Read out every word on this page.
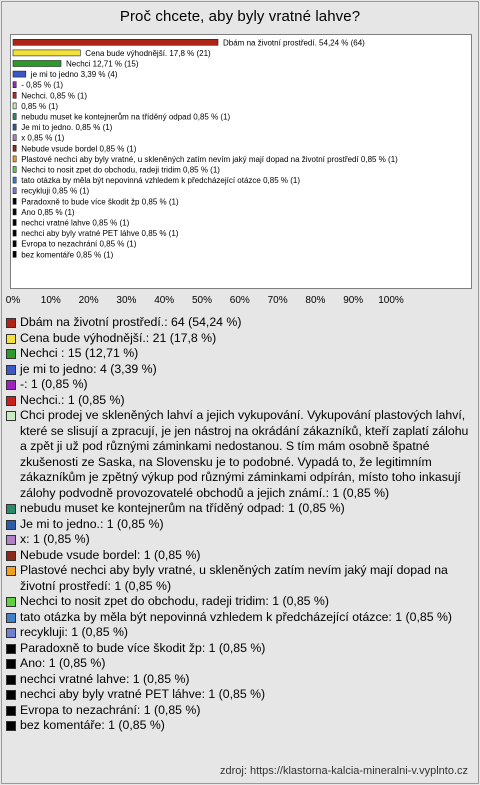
Proč chcete, aby byly vratné lahve?
Dbám na životní prostředí. 54,24 % (64)
Cena bude výhodnější. 17,8 % (21)
Nechci 12,71 % (15)
je mi to jedno 3,39 % (4)
- 0,85 % (1)
Nechci. 0,85 % (1)
0,85 % (1)
nebudu muset ke kontejnerům na tříděný odpad 0,85 % (1)
Je mi to jedno. 0,85 % (1)
x 0,85 % (1)
Nebude vsude bordel 0,85 % (1)
Plastové nechci aby byly vratné, u skleněných zatím nevím jaký mají dopad na životní prostředí 0,85 % (1)
Nechci to nosit zpet do obchodu, radeji tridim 0,85 % (1)
tato otázka by měla být nepovinná vzhledem k předcházející otázce 0,85 % (1)
recykluji 0,85 % (1)
Paradoxně to bude více škodit žp 0,85 % (1)
Ano 0,85 % (1)
nechci vratné lahve 0,85 % (1)
nechci aby byly vratné PET láhve 0,85 % (1)
Evropa to nezachrání 0,85 % (1)
bez komentáře 0,85 % (1)
0% 10% 20% 30% 40% 50% 60% 70% 80% 90% 100%
Dbám na životní prostředí.: 64 (54,24 %)
Cena bude výhodnější.: 21 (17,8 %)
Nechci : 15 (12,71 %)
je mi to jedno: 4 (3,39 %)
-: 1 (0,85 %)
Nechci.: 1 (0,85 %)
Chci prodej ve skleněných lahví a jejich vykupování. Vykupování plastových lahví, které se slisují a zpracují, je jen nástroj na okrádání zákazníků, kteří zaplatí zálohu a zpět ji už pod různými záminkami nedostanou. S tím mám osobně špatné zkušenosti ze Saska, na Slovensku je to podobné. Vypadá to, že legitimním zákazníkům je zpětný výkup pod různými záminkami odpírán, místo toho inkasují zálohy podvodně provozovatelé obchodů a jejich známí.: 1 (0,85 %)
nebudu muset ke kontejnerům na tříděný odpad: 1 (0,85 %)
Je mi to jedno.: 1 (0,85 %)
x: 1 (0,85 %)
Nebude vsude bordel: 1 (0,85 %)
Plastové nechci aby byly vratné, u skleněných zatím nevím jaký mají dopad na životní prostředí: 1 (0,85 %)
Nechci to nosit zpet do obchodu, radeji tridim: 1 (0,85 %)
tato otázka by měla být nepovinná vzhledem k předcházející otázce: 1 (0,85 %)
recykluji: 1 (0,85 %)
Paradoxně to bude více škodit žp: 1 (0,85 %)
Ano: 1 (0,85 %)
nechci vratné lahve: 1 (0,85 %)
nechci aby byly vratné PET láhve: 1 (0,85 %)
Evropa to nezachrání: 1 (0,85 %)
bez komentáře: 1 (0,85 %)
zdroj: https://klastorna-kalcia-mineralni-v.vyplnto.cz
